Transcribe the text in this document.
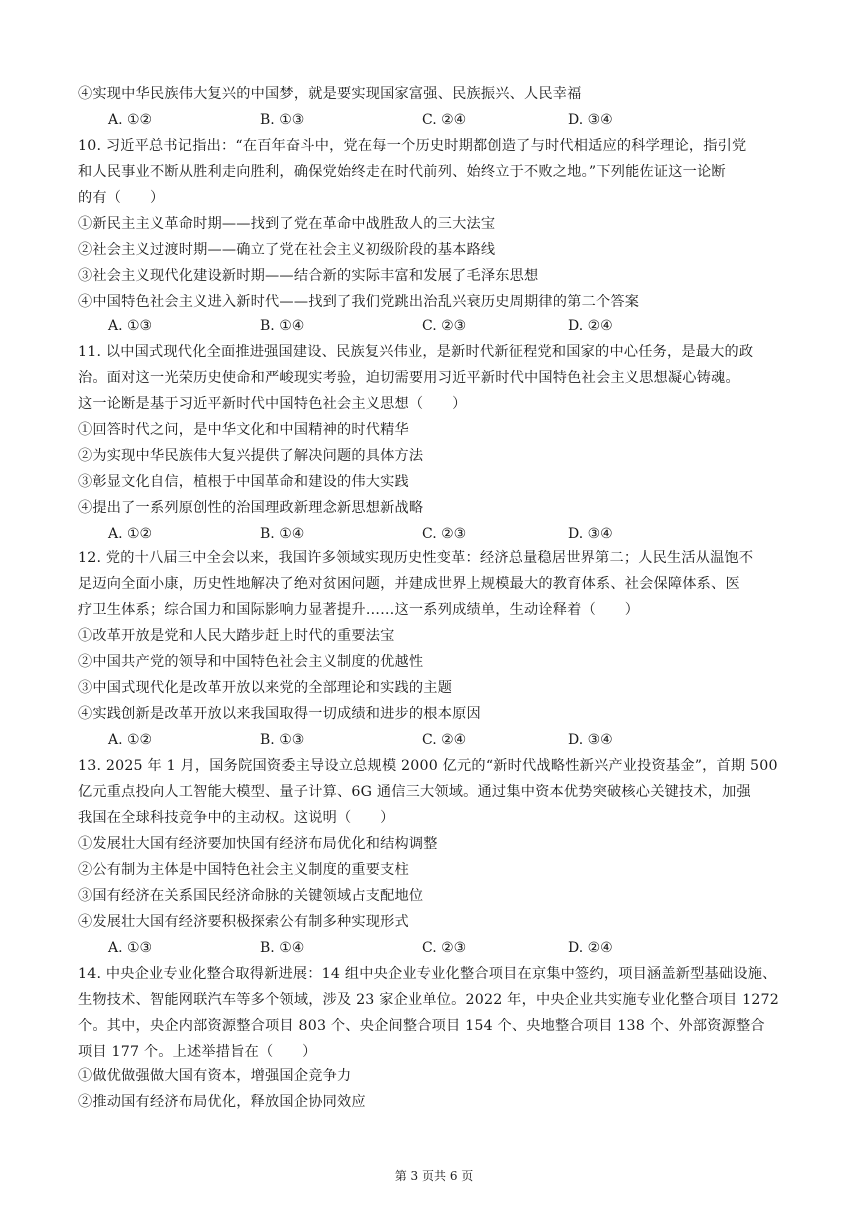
④实现中华民族伟大复兴的中国梦，就是要实现国家富强、民族振兴、人民幸福
A. ①②	B. ①③	C. ②④	D. ③④
10. 习近平总书记指出：“在百年奋斗中，党在每一个历史时期都创造了与时代相适应的科学理论，指引党
和人民事业不断从胜利走向胜利，确保党始终走在时代前列、始终立于不败之地。”下列能佐证这一论断
的有（　　）
①新民主主义革命时期——找到了党在革命中战胜敌人的三大法宝
②社会主义过渡时期——确立了党在社会主义初级阶段的基本路线
③社会主义现代化建设新时期——结合新的实际丰富和发展了毛泽东思想
④中国特色社会主义进入新时代——找到了我们党跳出治乱兴衰历史周期律的第二个答案
A. ①③	B. ①④	C. ②③	D. ②④
11. 以中国式现代化全面推进强国建设、民族复兴伟业，是新时代新征程党和国家的中心任务，是最大的政
治。面对这一光荣历史使命和严峻现实考验，迫切需要用习近平新时代中国特色社会主义思想凝心铸魂。
这一论断是基于习近平新时代中国特色社会主义思想（　　）
①回答时代之问，是中华文化和中国精神的时代精华
②为实现中华民族伟大复兴提供了解决问题的具体方法
③彰显文化自信，植根于中国革命和建设的伟大实践
④提出了一系列原创性的治国理政新理念新思想新战略
A. ①②	B. ①④	C. ②③	D. ③④
12. 党的十八届三中全会以来，我国许多领域实现历史性变革：经济总量稳居世界第二；人民生活从温饱不
足迈向全面小康，历史性地解决了绝对贫困问题，并建成世界上规模最大的教育体系、社会保障体系、医
疗卫生体系；综合国力和国际影响力显著提升……这一系列成绩单，生动诠释着（　　）
①改革开放是党和人民大踏步赶上时代的重要法宝
②中国共产党的领导和中国特色社会主义制度的优越性
③中国式现代化是改革开放以来党的全部理论和实践的主题
④实践创新是改革开放以来我国取得一切成绩和进步的根本原因
A. ①②	B. ①③	C. ②④	D. ③④
13. 2025 年 1 月，国务院国资委主导设立总规模 2000 亿元的“新时代战略性新兴产业投资基金”，首期 500
亿元重点投向人工智能大模型、量子计算、6G 通信三大领域。通过集中资本优势突破核心关键技术，加强
我国在全球科技竞争中的主动权。这说明（　　）
①发展壮大国有经济要加快国有经济布局优化和结构调整
②公有制为主体是中国特色社会主义制度的重要支柱
③国有经济在关系国民经济命脉的关键领域占支配地位
④发展壮大国有经济要积极探索公有制多种实现形式
A. ①③	B. ①④	C. ②③	D. ②④
14. 中央企业专业化整合取得新进展：14 组中央企业专业化整合项目在京集中签约，项目涵盖新型基础设施、
生物技术、智能网联汽车等多个领域，涉及 23 家企业单位。2022 年，中央企业共实施专业化整合项目 1272
个。其中，央企内部资源整合项目 803 个、央企间整合项目 154 个、央地整合项目 138 个、外部资源整合
项目 177 个。上述举措旨在（　　）
①做优做强做大国有资本，增强国企竞争力
②推动国有经济布局优化，释放国企协同效应
第 3 页共 6 页
